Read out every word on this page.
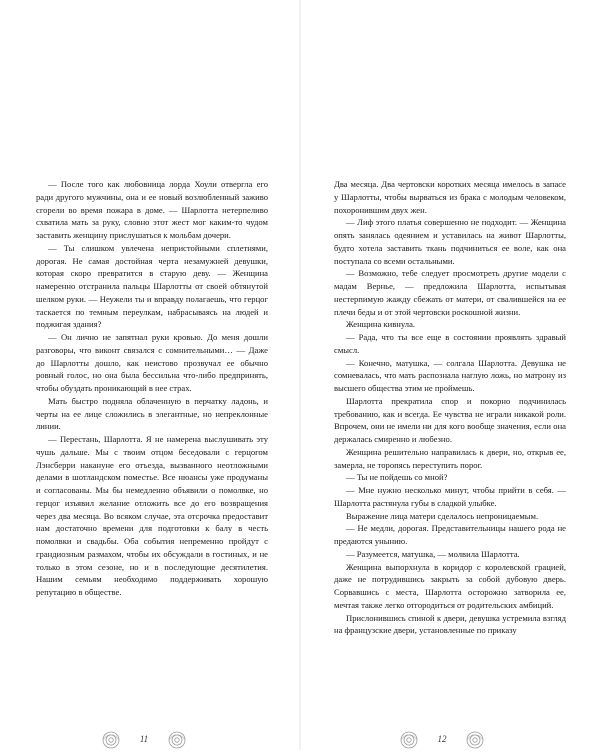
— После того как любовница лорда Хоули отвергла его ради другого мужчины, она и ее новый возлюбленный заживо сгорели во время пожара в доме. — Шарлотта нетерпеливо схватила мать за руку, словно этот жест мог каким-то чудом заставить женщину прислушаться к мольбам дочери.

— Ты слишком увлечена непристойными сплетнями, дорогая. Не самая достойная черта незамужней девушки, которая скоро превратится в старую деву. — Женщина намеренно отстранила пальцы Шарлотты от своей обтянутой шелком руки. — Неужели ты и вправду полагаешь, что герцог таскается по темным переулкам, набрасываясь на людей и поджигая здания?

— Он лично не запятнал руки кровью. До меня дошли разговоры, что виконт связался с сомнительными… — Даже до Шарлотты дошло, как неистово прозвучал ее обычно ровный голос, но она была бессильна что-либо предпринять, чтобы обуздать проникающий в нее страх.

Мать быстро подняла облаченную в перчатку ладонь, и черты на ее лице сложились в элегантные, но непреклонные линии.

— Перестань, Шарлотта. Я не намерена выслушивать эту чушь дальше. Мы с твоим отцом беседовали с герцогом Лэнсберри накануне его отъезда, вызванного неотложными делами в шотландском поместье. Все нюансы уже продуманы и согласованы. Мы бы немедленно объявили о помолвке, но герцог изъявил желание отложить все до его возвращения через два месяца. Во всяком случае, эта отсрочка предоставит нам достаточно времени для подготовки к балу в честь помолвки и свадьбы. Оба события непременно пройдут с грандиозным размахом, чтобы их обсуждали в гостиных, и не только в этом сезоне, но и в последующие десятилетия. Нашим семьям необходимо поддерживать хорошую репутацию в обществе.

Два месяца. Два чертовски коротких месяца имелось в запасе у Шарлотты, чтобы вырваться из брака с молодым человеком, похоронившим двух жен.

— Лиф этого платья совершенно не подходит. — Женщина опять занялась одеянием и уставилась на живот Шарлотты, будто хотела заставить ткань подчиниться ее воле, как она поступала со всеми остальными.

— Возможно, тебе следует просмотреть другие модели с мадам Вернье, — предложила Шарлотта, испытывая нестерпимую жажду сбежать от матери, от свалившейся на ее плечи беды и от этой чертовски роскошной жизни.

Женщина кивнула.

— Рада, что ты все еще в состоянии проявлять здравый смысл.

— Конечно, матушка, — солгала Шарлотта. Девушка не сомневалась, что мать распознала наглую ложь, но матрону из высшего общества этим не проймешь.

Шарлотта прекратила спор и покорно подчинилась требованию, как и всегда. Ее чувства не играли никакой роли. Впрочем, они не имели ни для кого вообще значения, если она держалась смиренно и любезно.

Женщина решительно направилась к двери, но, открыв ее, замерла, не торопясь переступить порог.

— Ты не пойдешь со мной?

— Мне нужно несколько минут, чтобы прийти в себя. — Шарлотта растянула губы в сладкой улыбке.

Выражение лица матери сделалось непроницаемым.

— Не медли, дорогая. Представительницы нашего рода не предаются унынию.

— Разумеется, матушка, — молвила Шарлотта.

Женщина выпорхнула в коридор с королевской грацией, даже не потрудившись закрыть за собой дубовую дверь. Сорвавшись с места, Шарлотта осторожно затворила ее, мечтая также легко отгородиться от родительских амбиций.

Прислонившись спиной к двери, девушка устремила взгляд на французские двери, установленные по приказу

11	12
